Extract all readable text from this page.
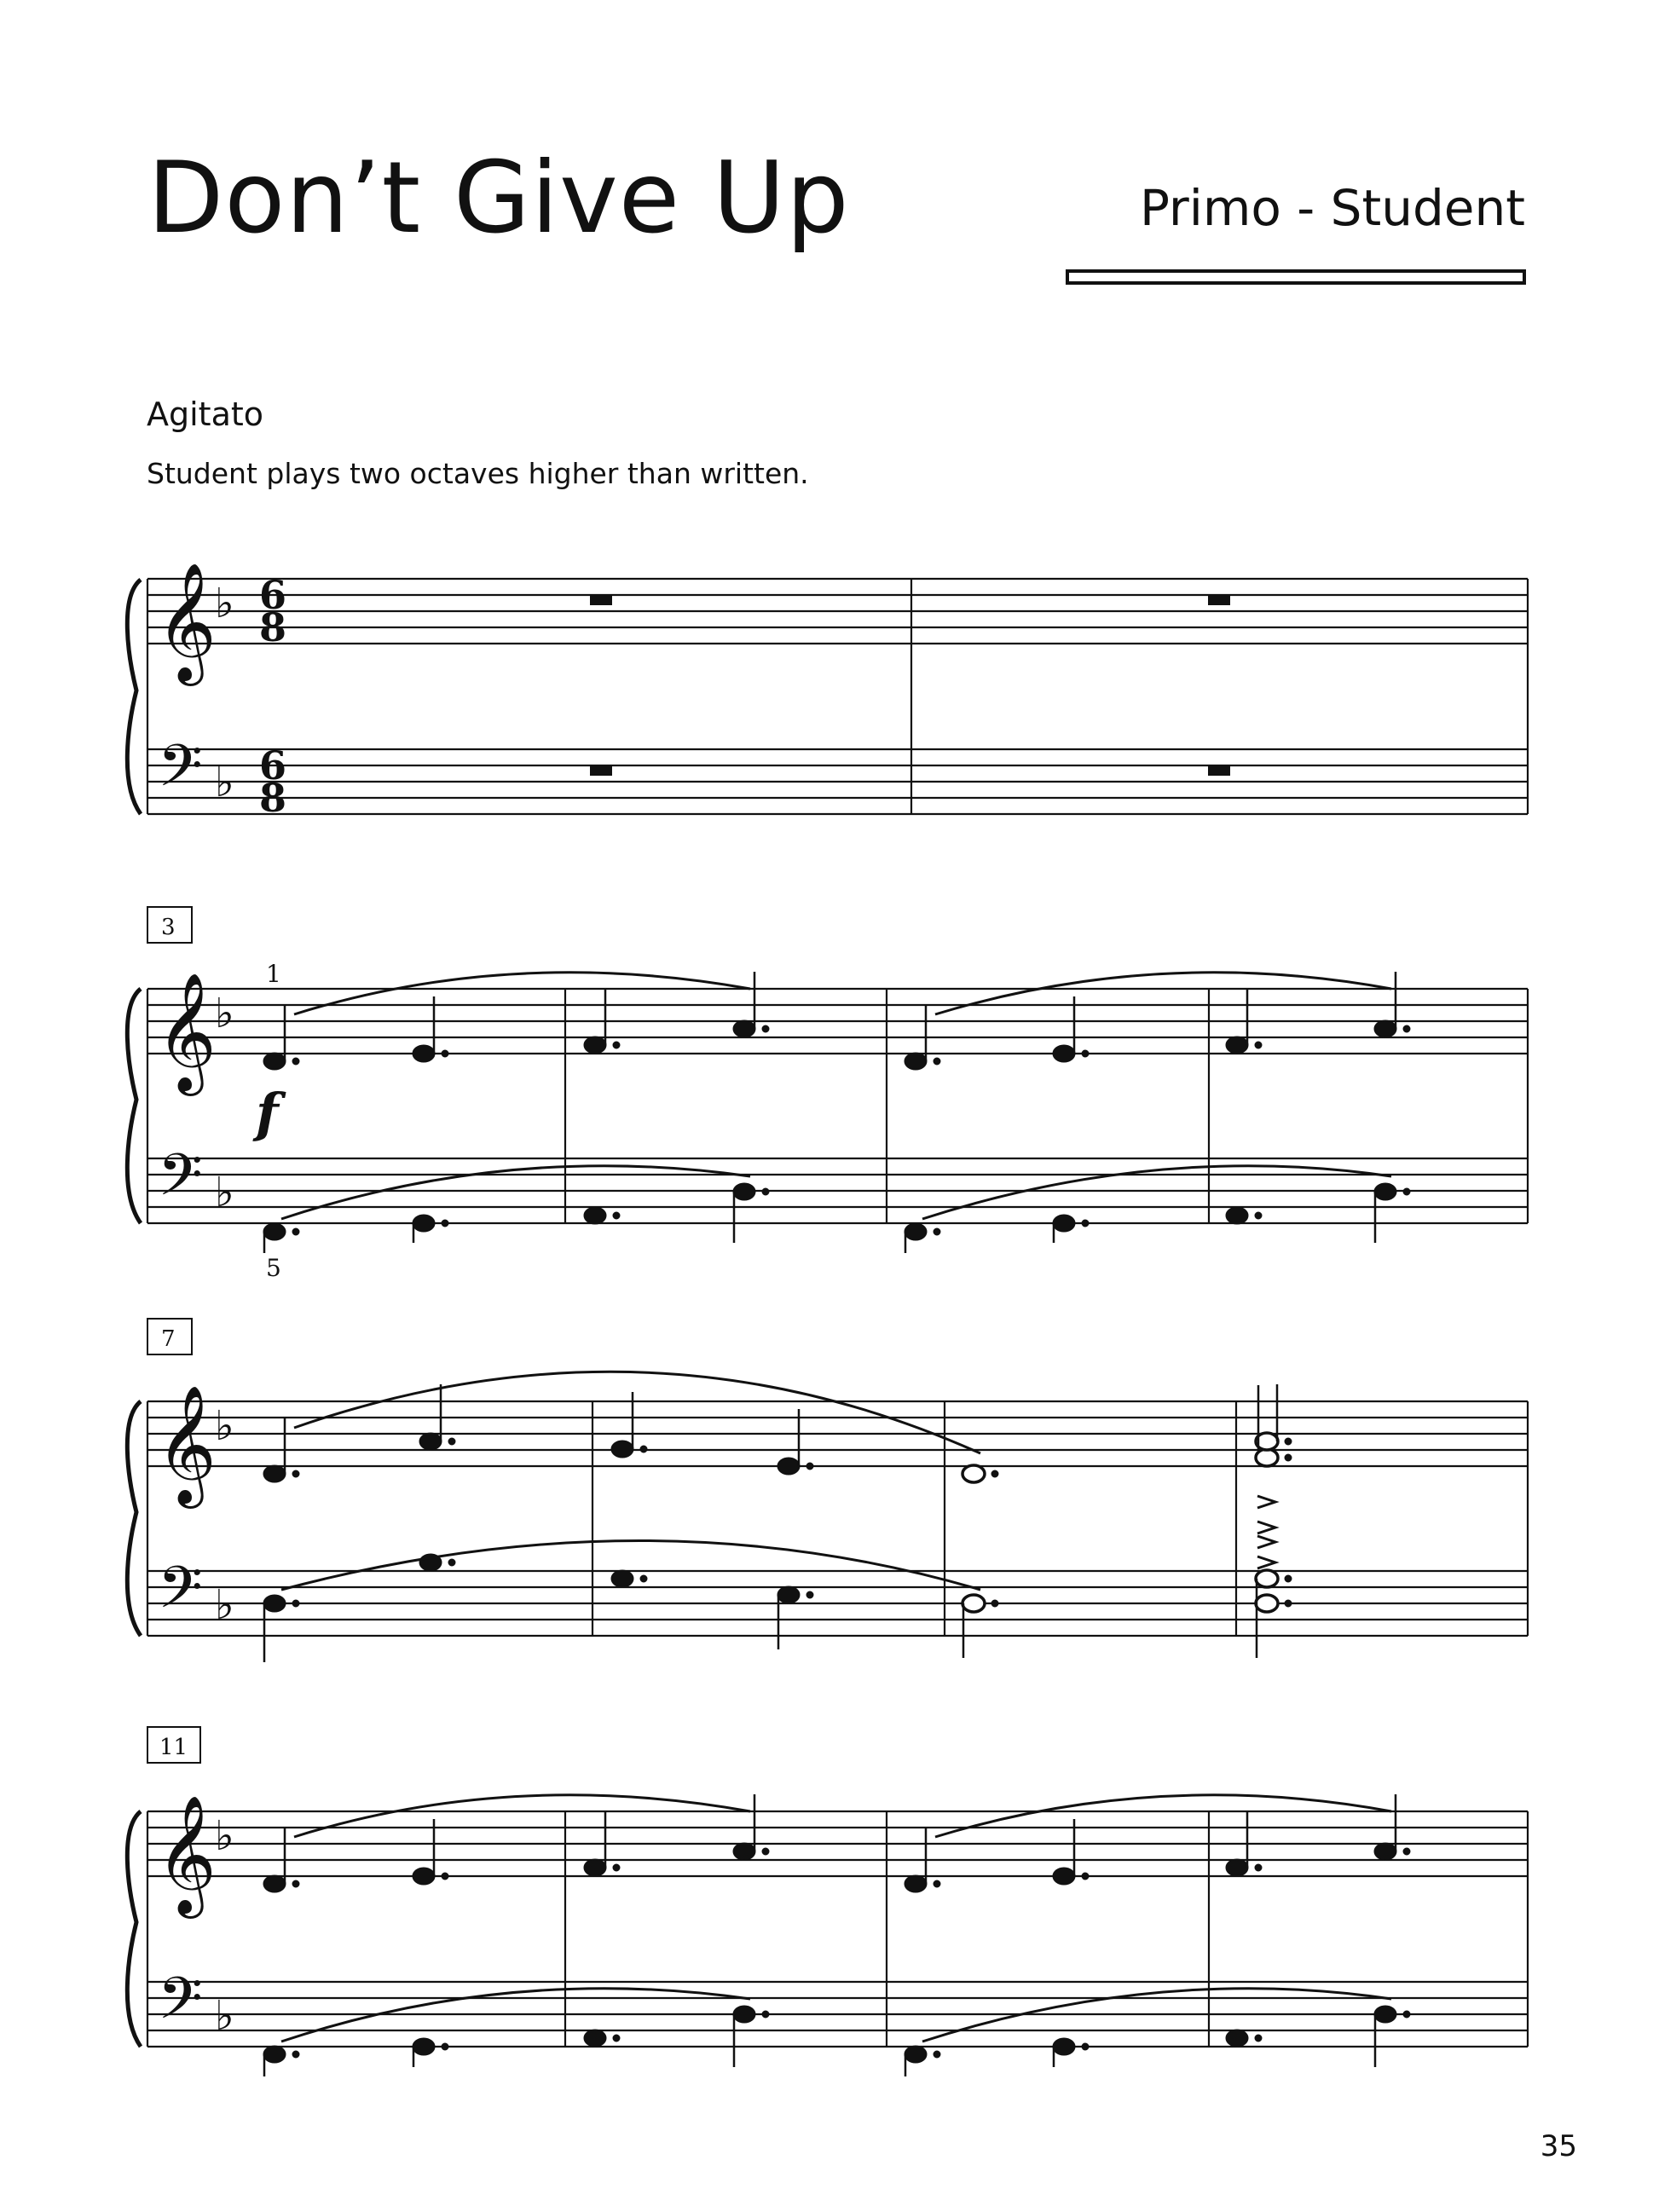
Don’t Give Up	Primo - Student
Agitato
Student plays two octaves higher than written.
𝄞
𝄢
♭
♭
6
8
6
8
3
𝄞
𝄢
♭
♭
1
5
f
7
𝄞
𝄢
♭
♭
11
𝄞
𝄢
♭
♭
35
